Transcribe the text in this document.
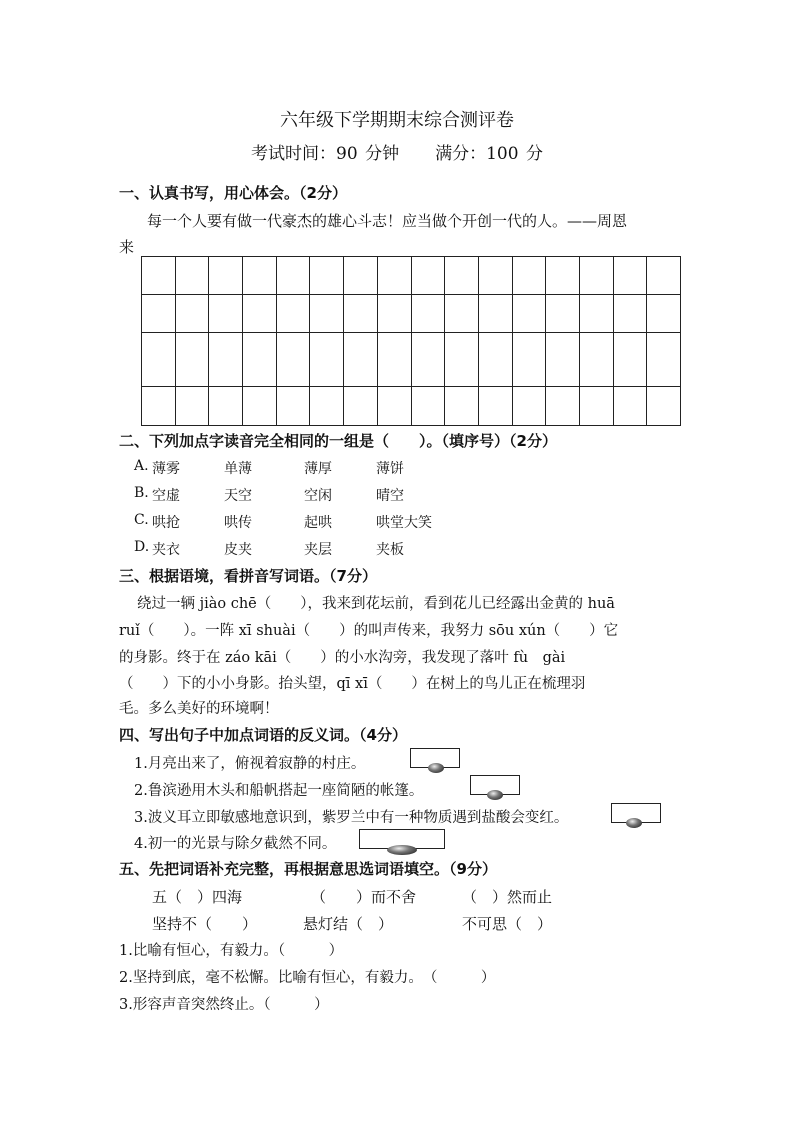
六年级下学期期末综合测评卷
考试时间：90 分钟 满分：100 分
一、认真书写，用心体会。（2分）
每一个人要有做一代豪杰的雄心斗志！应当做个开创一代的人。——周恩
来

二、下列加点字读音完全相同的一组是（　　）。（填序号）（2分）
A. 薄雾	单薄	薄厚	薄饼
B. 空虚	天空	空闲	晴空
C. 哄抢	哄传	起哄	哄堂大笑
D. 夹衣	皮夹	夹层	夹板
三、根据语境，看拼音写词语。（7分）
绕过一辆 jiào chē（　　），我来到花坛前，看到花儿已经露出金黄的 huā
ruǐ（　　）。一阵 xī shuài（　　）的叫声传来，我努力 sōu xún（　　）它
的身影。终于在 záo kāi（　　）的小水沟旁，我发现了落叶 fù　gài
（　　）下的小小身影。抬头望，qī xī（　　）在树上的鸟儿正在梳理羽
毛。多么美好的环境啊！
四、写出句子中加点词语的反义词。（4分）
1.月亮出来了，俯视着寂静的村庄。
2.鲁滨逊用木头和船帆搭起一座简陋的帐篷。
3.波义耳立即敏感地意识到，紫罗兰中有一种物质遇到盐酸会变红。
4.初一的光景与除夕截然不同。
五、先把词语补充完整，再根据意思选词语填空。（9分）
五（　）四海	（　　）而不舍	（　）然而止
坚持不（　　）	悬灯结（　）	不可思（　）
1.比喻有恒心，有毅力。（　　　）
2.坚持到底，毫不松懈。比喻有恒心，有毅力。　（　　　）
3.形容声音突然终止。（　　　）
